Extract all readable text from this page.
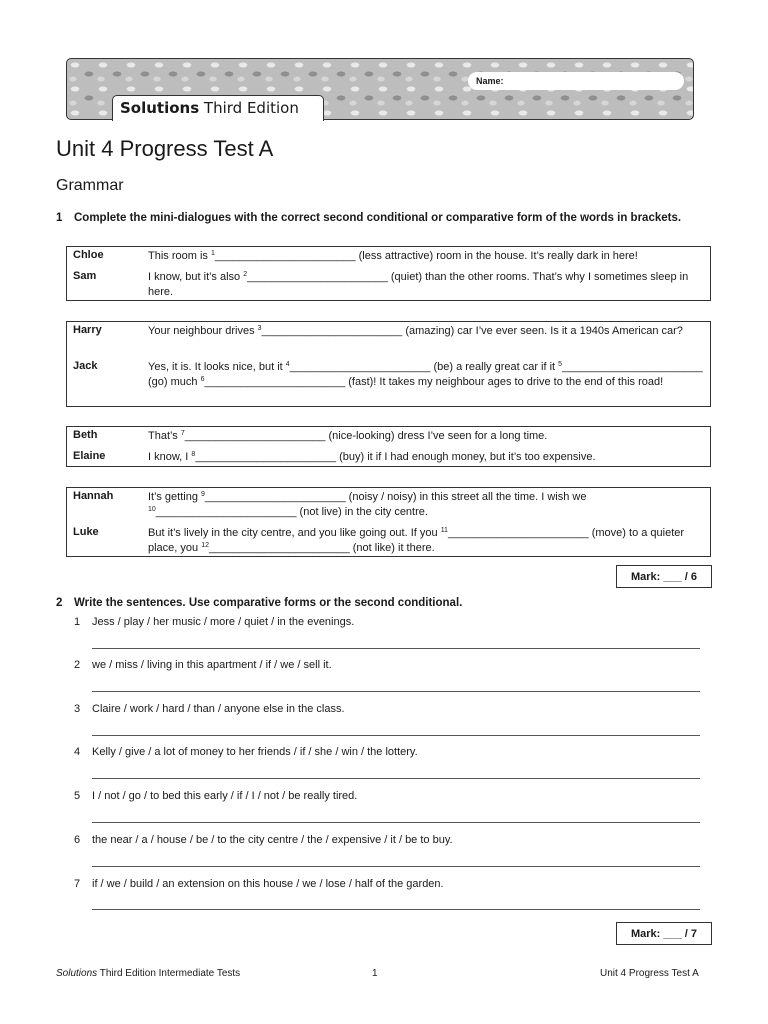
Name:
Solutions Third Edition
Unit 4 Progress Test A
Grammar
1 Complete the mini-dialogues with the correct second conditional or comparative form of the words in brackets.
Chloe	This room is $^1$_______________________ (less attractive) room in the house. It’s really dark in here!
Sam	I know, but it’s also $^2$_______________________ (quiet) than the other rooms. That’s why I sometimes sleep in here.
Harry	Your neighbour drives $^3$_______________________ (amazing) car I’ve ever seen. Is it a 1940s American car?
Jack	Yes, it is. It looks nice, but it $^4$_______________________ (be) a really great car if it $^5$_______________________ (go) much $^6$_______________________ (fast)! It takes my neighbour ages to drive to the end of this road!
Beth	That’s $^7$_______________________ (nice-looking) dress I’ve seen for a long time.
Elaine	I know, I $^8$_______________________ (buy) it if I had enough money, but it’s too expensive.
Hannah	It’s getting $^9$_______________________ (noisy / noisy) in this street all the time. I wish we $^{10}$_______________________ (not live) in the city centre.
Luke	But it’s lively in the city centre, and you like going out. If you $^{11}$_______________________ (move) to a quieter place, you $^{12}$_______________________ (not like) it there.
Mark: ___ / 6
2 Write the sentences. Use comparative forms or the second conditional.
1 Jess / play / her music / more / quiet / in the evenings.
2 we / miss / living in this apartment / if / we / sell it.
3 Claire / work / hard / than / anyone else in the class.
4 Kelly / give / a lot of money to her friends / if / she / win / the lottery.
5 I / not / go / to bed this early / if / I / not / be really tired.
6 the near / a / house / be / to the city centre / the / expensive / it / be to buy.
7 if / we / build / an extension on this house / we / lose / half of the garden.
Mark: ___ / 7
Solutions Third Edition Intermediate Tests	1	Unit 4 Progress Test A
